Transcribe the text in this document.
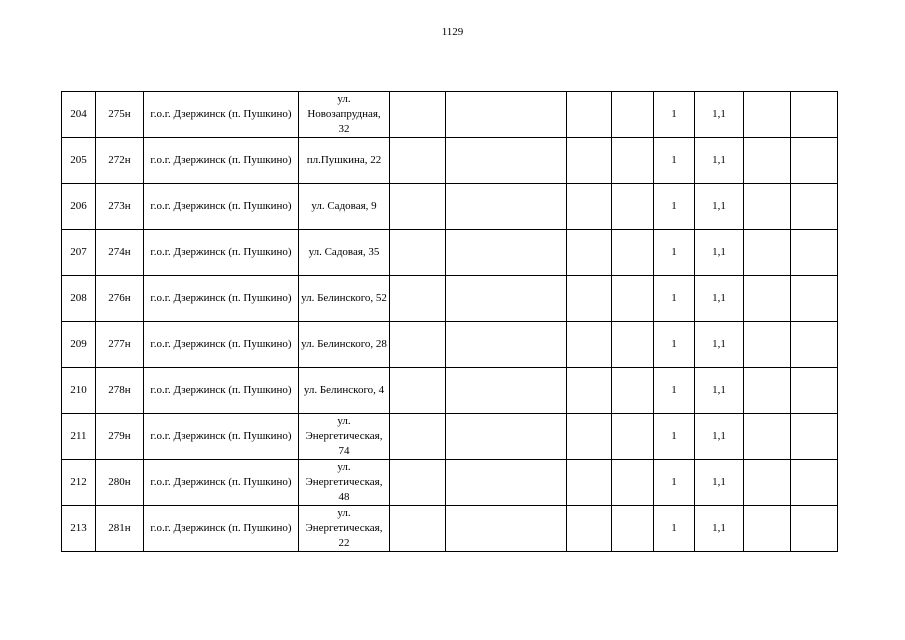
1129
204	275н	г.о.г. Дзержинск (п. Пушкино)	ул. Новозапрудная, 32					1	1,1		
205	272н	г.о.г. Дзержинск (п. Пушкино)	пл.Пушкина, 22					1	1,1		
206	273н	г.о.г. Дзержинск (п. Пушкино)	ул. Садовая, 9					1	1,1		
207	274н	г.о.г. Дзержинск (п. Пушкино)	ул. Садовая, 35					1	1,1		
208	276н	г.о.г. Дзержинск (п. Пушкино)	ул. Белинского, 52					1	1,1		
209	277н	г.о.г. Дзержинск (п. Пушкино)	ул. Белинского, 28					1	1,1		
210	278н	г.о.г. Дзержинск (п. Пушкино)	ул. Белинского, 4					1	1,1		
211	279н	г.о.г. Дзержинск (п. Пушкино)	ул. Энергетическая, 74					1	1,1		
212	280н	г.о.г. Дзержинск (п. Пушкино)	ул. Энергетическая, 48					1	1,1		
213	281н	г.о.г. Дзержинск (п. Пушкино)	ул. Энергетическая, 22					1	1,1		
